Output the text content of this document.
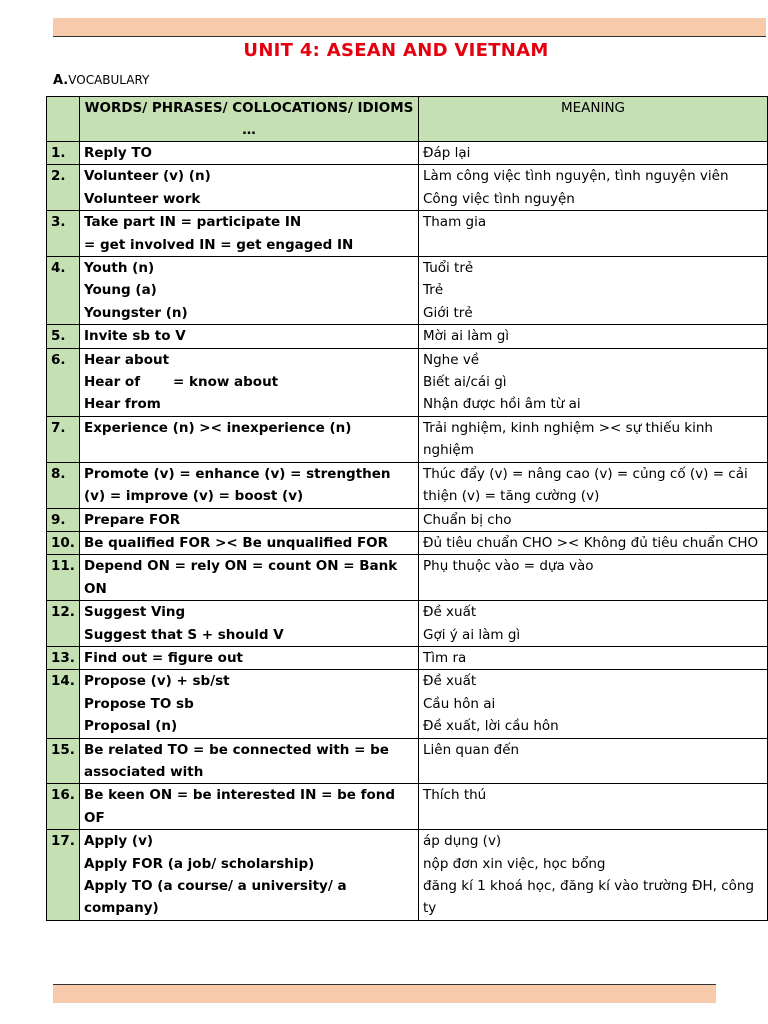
UNIT 4: ASEAN AND VIETNAM
A.VOCABULARY
	WORDS/ PHRASES/ COLLOCATIONS/ IDIOMS …	MEANING
1.	Reply TO	Đáp lại

2.	Volunteer (v) (n)
Volunteer work	Làm công việc tình nguyện, tình nguyện viên
Công việc tình nguyện

3.	Take part IN = participate IN
= get involved IN = get engaged IN	Tham gia

4.	Youth (n)
Young (a)
Youngster (n)	Tuổi trẻ
Trẻ
Giới trẻ

5.	Invite sb to V	Mời ai làm gì

6.	Hear about
Hear of       = know about
Hear from	Nghe về
Biết ai/cái gì
Nhận được hồi âm từ ai

7.	Experience (n) >< inexperience (n)	Trải nghiệm, kinh nghiệm >< sự thiếu kinh nghiệm

8.	Promote (v) = enhance (v) = strengthen (v) = improve (v) = boost (v)	Thúc đẩy (v) = nâng cao (v) = củng cố (v) = cải thiện (v) = tăng cường (v)

9.	Prepare FOR	Chuẩn bị cho

10.	Be qualified FOR >< Be unqualified FOR	Đủ tiêu chuẩn CHO >< Không đủ tiêu chuẩn CHO

11.	Depend ON = rely ON = count ON = Bank ON	Phụ thuộc vào = dựa vào

12.	Suggest Ving
Suggest that S + should V	Đề xuất
Gợi ý ai làm gì

13.	Find out = figure out	Tìm ra

14.	Propose (v) + sb/st
Propose TO sb
Proposal (n)	Đề xuất
Cầu hôn ai
Đề xuất, lời cầu hôn

15.	Be related TO = be connected with = be associated with	Liên quan đến

16.	Be keen ON = be interested IN = be fond OF	Thích thú

17.	Apply (v)
Apply FOR (a job/ scholarship)
Apply TO (a course/ a university/ a company)	áp dụng (v)
nộp đơn xin việc, học bổng
đăng kí 1 khoá học, đăng kí vào trường ĐH, công ty
